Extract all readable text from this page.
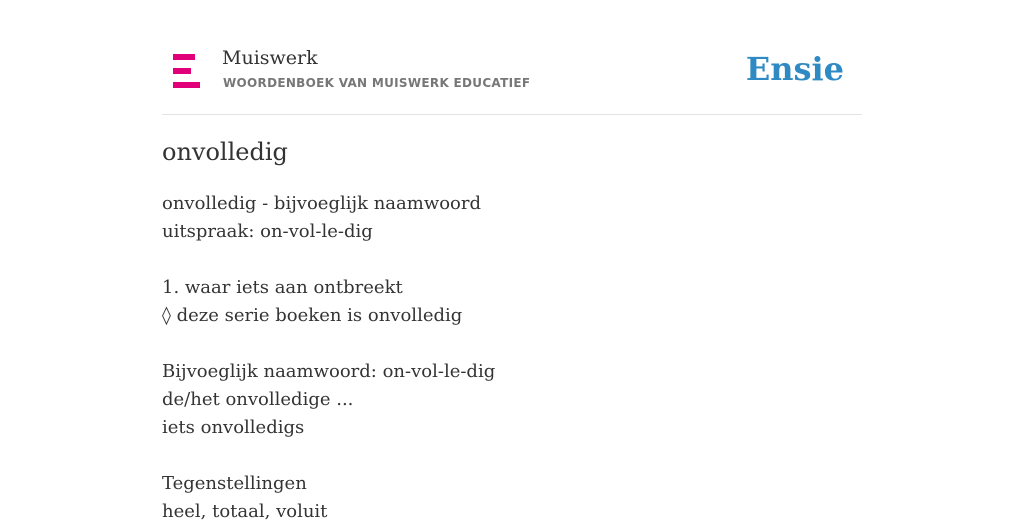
Muiswerk
WOORDENBOEK VAN MUISWERK EDUCATIEF	Ensie
onvolledig
onvolledig - bijvoeglijk naamwoord
uitspraak: on-vol-le-dig
1. waar iets aan ontbreekt
◊ deze serie boeken is onvolledig
Bijvoeglijk naamwoord: on-vol-le-dig
de/het onvolledige ...
iets onvolledigs
Tegenstellingen
heel, totaal, voluit
